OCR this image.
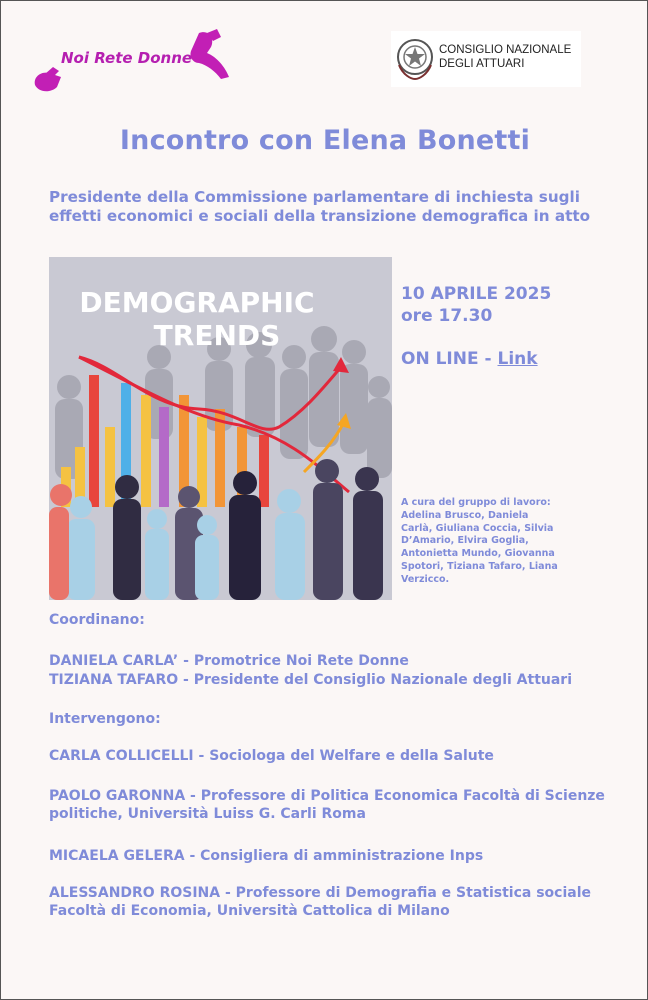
Noi Rete Donne	CONSIGLIO NAZIONALE
DEGLI ATTUARI
Incontro con Elena Bonetti
Presidente della Commissione parlamentare di inchiesta sugli
effetti economici e sociali della transizione demografica in atto
DEMOGRAPHIC
TRENDS
10 APRILE 2025
ore 17.30
ON LINE - Link
A cura del gruppo di lavoro:
Adelina Brusco, Daniela
Carlà, Giuliana Coccia, Silvia
D’Amario, Elvira Goglia,
Antonietta Mundo, Giovanna
Spotori, Tiziana Tafaro, Liana
Verzicco.
Coordinano:
DANIELA CARLA’ - Promotrice Noi Rete Donne
TIZIANA TAFARO - Presidente del Consiglio Nazionale degli Attuari
Intervengono:
CARLA COLLICELLI - Sociologa del Welfare e della Salute
PAOLO GARONNA - Professore di Politica Economica Facoltà di Scienze
politiche, Università Luiss G. Carli Roma
MICAELA GELERA - Consigliera di amministrazione Inps
ALESSANDRO ROSINA - Professore di Demografia e Statistica sociale
Facoltà di Economia, Università Cattolica di Milano
